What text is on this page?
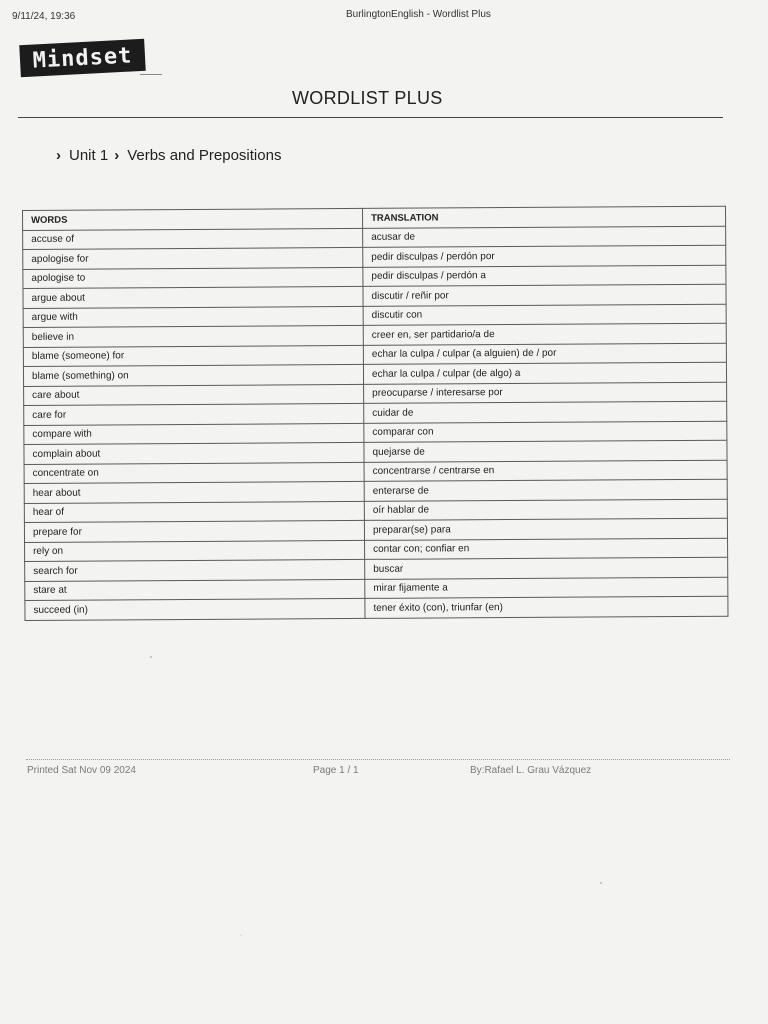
9/11/24, 19:36	BurlingtonEnglish - Wordlist Plus
Mindset
WORDLIST PLUS
› Unit 1 › Verbs and Prepositions
WORDS	TRANSLATION
accuse of	acusar de
apologise for	pedir disculpas / perdón por
apologise to	pedir disculpas / perdón a
argue about	discutir / reñir por
argue with	discutir con
believe in	creer en, ser partidario/a de
blame (someone) for	echar la culpa / culpar (a alguien) de / por
blame (something) on	echar la culpa / culpar (de algo) a
care about	preocuparse / interesarse por
care for	cuidar de
compare with	comparar con
complain about	quejarse de
concentrate on	concentrarse / centrarse en
hear about	enterarse de
hear of	oír hablar de
prepare for	preparar(se) para
rely on	contar con; confiar en
search for	buscar
stare at	mirar fijamente a
succeed (in)	tener éxito (con), triunfar (en)
Printed Sat Nov 09 2024	Page 1 / 1	By:Rafael L. Grau Vázquez
